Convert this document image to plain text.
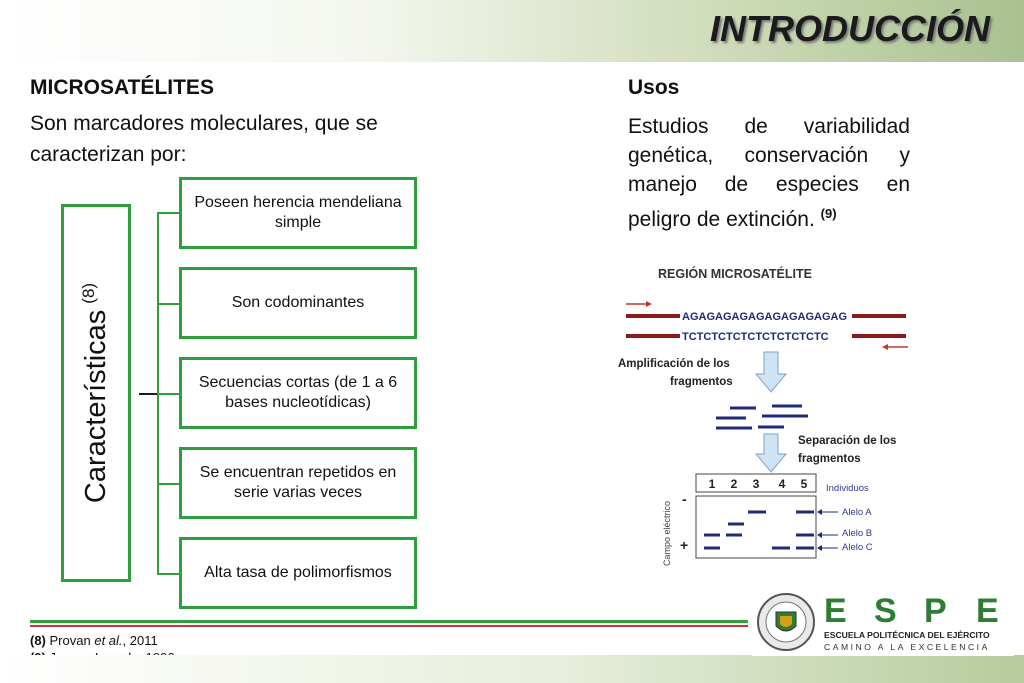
INTRODUCCIÓN
MICROSATÉLITES
Son marcadores moleculares, que se
caracterizan por:
Características$^{(8)}$
Poseen herencia mendeliana simple
Son codominantes
Secuencias cortas (de 1 a 6 bases nucleotídicas)
Se encuentran repetidos en serie varias veces
Alta tasa de polimorfismos
Usos
Estudios de variabilidad genética, conservación y manejo de especies en peligro de extinción. $^{(9)}$
REGIÓN MICROSATÉLITE
AGAGAGAGAGAGAGAGAGAG
TCTCTCTCTCTCTCTCTCTC
Amplificación de los
fragmentos
Separación de los
fragmentos
1 2 3 4 5 Individuos
-
+
Campo eléctrico	Alelo A
Alelo B
Alelo C
(8) Provan et al., 2011
E S P E
ESCUELA POLITÉCNICA DEL EJÉRCITO
CAMINO A LA EXCELENCIA
